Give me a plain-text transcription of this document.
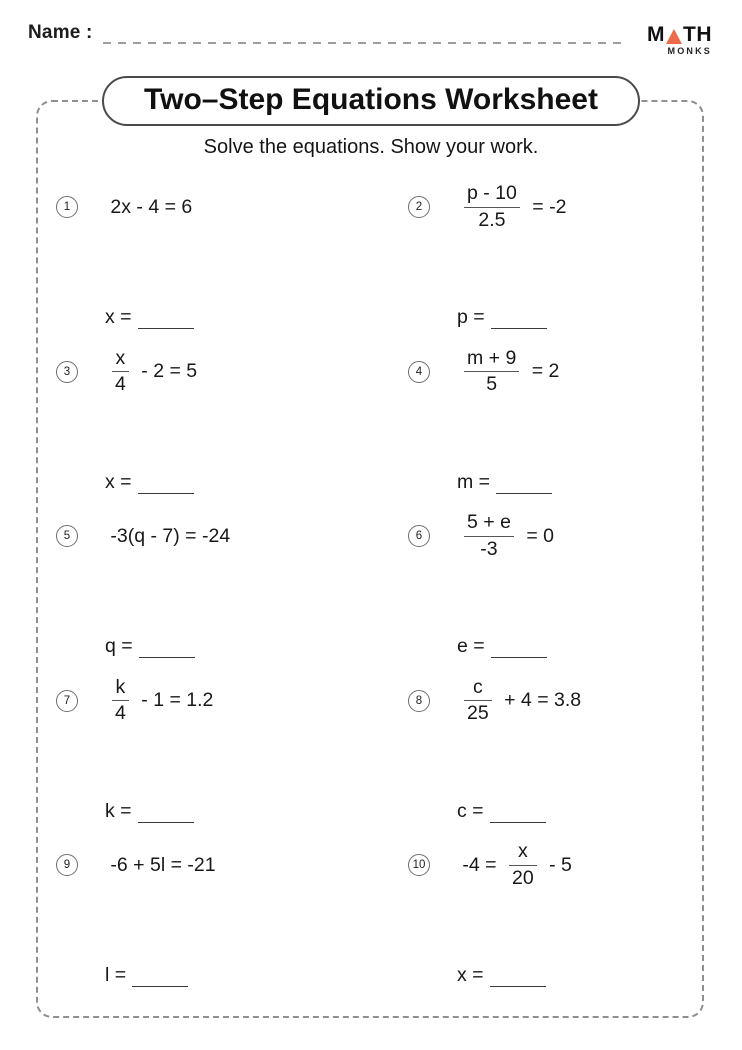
Name :	M TH
MONKS
Two–Step Equations Worksheet
Solve the equations. Show your work.
1	2x - 4 = 6
x =
2	$\frac{p - 10}{2.5} = -2$
p =
3	$\frac{x}{4} - 2 = 5$
x =
4	$\frac{m + 9}{5} = 2$
m =
5	-3(q - 7) = -24
q =
6	$\frac{5 + e}{-3} = 0$
e =
7	$\frac{k}{4} - 1 = 1.2$
k =
8	$\frac{c}{25} + 4 = 3.8$
c =
9	-6 + 5l = -21
l =
10 $-4 = \frac{x}{20} - 5$
x =
